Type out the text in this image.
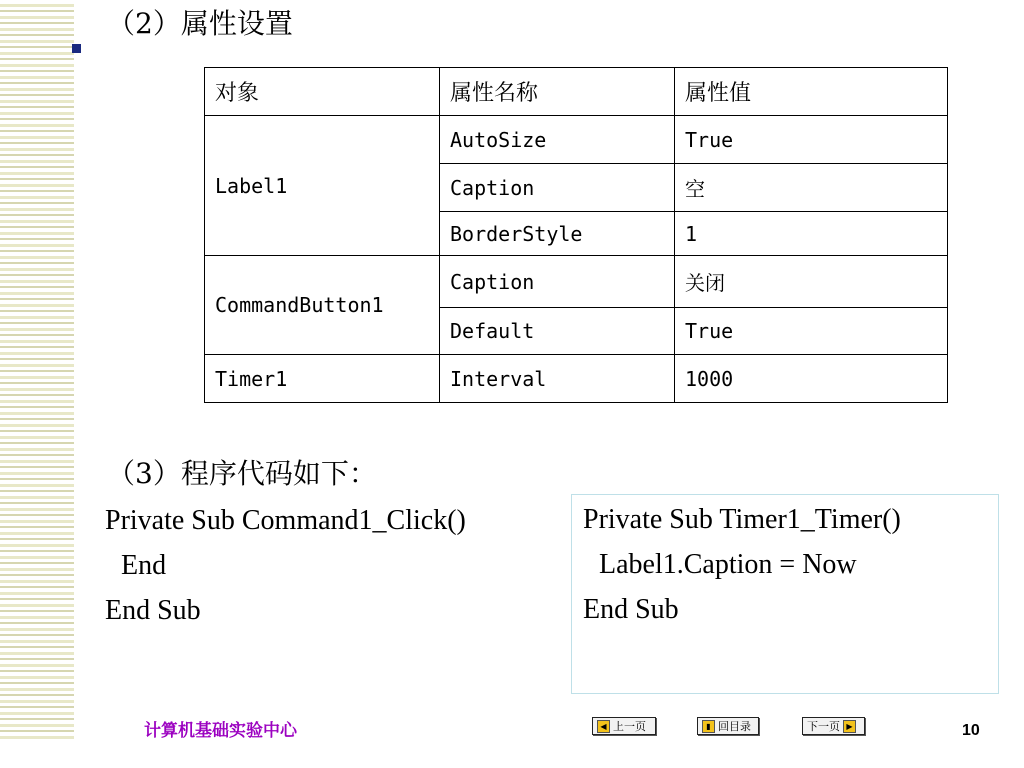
（2）属性设置
对象	属性名称	属性值
Label1	AutoSize	True
	Caption	空
	BorderStyle	1
CommandButton1	Caption	关闭
	Default	True
Timer1	Interval	1000
（3）程序代码如下：
Private Sub Command1_Click()
End
End Sub
Private Sub Timer1_Timer()
Label1.Caption = Now
End Sub
计算机基础实验中心	◀ 上一页	▮ 回目录	下一页 ▶	10
